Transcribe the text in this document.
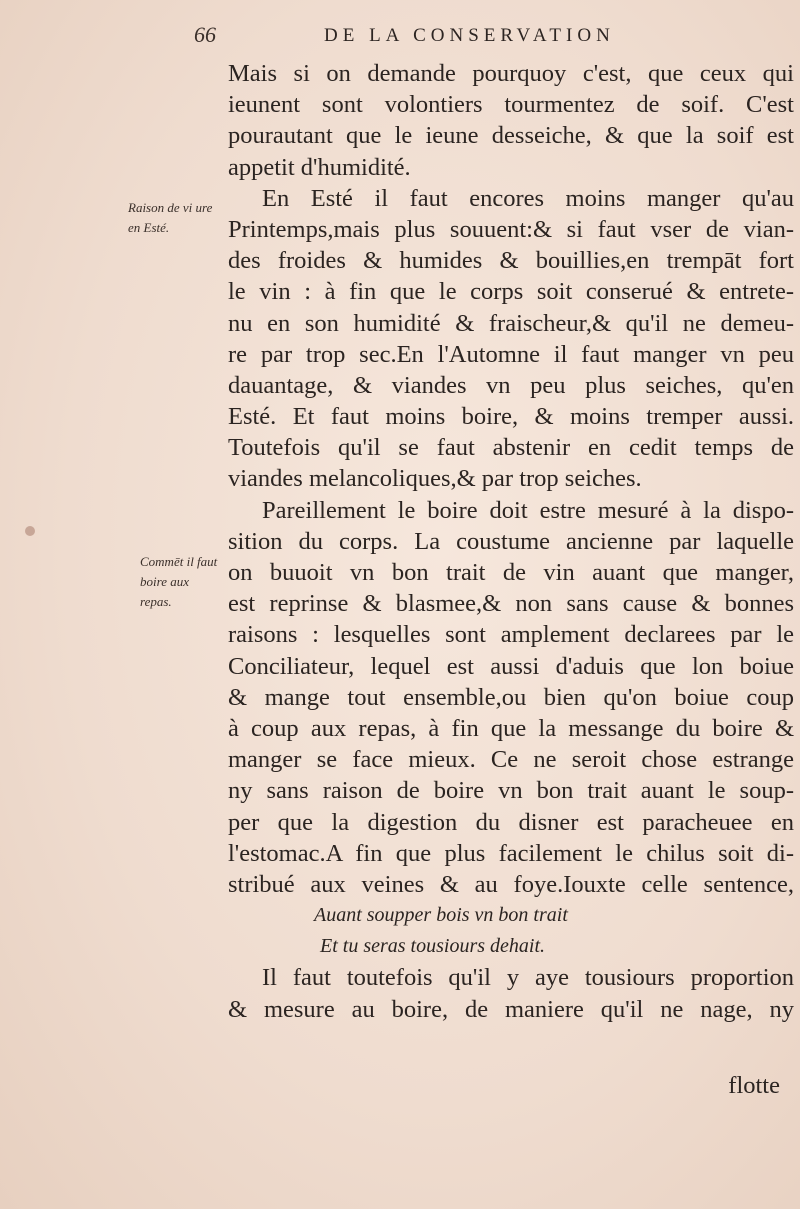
66	DE LA CONSERVATION
Raison de vi ure en Esté.
Commēt il faut boire aux repas.
Mais si on demande pourquoy c'est, que ceux qui
ieunent sont volontiers tourmentez de soif. C'est
pourautant que le ieune desseiche, & que la soif est
appetit d'humidité.
En Esté il faut encores moins manger qu'au
Printemps,mais plus souuent:& si faut vser de vian-
des froides & humides & bouillies,en trempāt fort
le vin : à fin que le corps soit conserué & entrete-
nu en son humidité & fraischeur,& qu'il ne demeu-
re par trop sec.En l'Automne il faut manger vn peu
dauantage, & viandes vn peu plus seiches, qu'en
Esté. Et faut moins boire, & moins tremper aussi.
Toutefois qu'il se faut abstenir en cedit temps de
viandes melancoliques,& par trop seiches.
Pareillement le boire doit estre mesuré à la dispo-
sition du corps. La coustume ancienne par laquelle
on buuoit vn bon trait de vin auant que manger,
est reprinse & blasmee,& non sans cause & bonnes
raisons : lesquelles sont amplement declarees par le
Conciliateur, lequel est aussi d'aduis que lon boiue
& mange tout ensemble,ou bien qu'on boiue coup
à coup aux repas, à fin que la messange du boire &
manger se face mieux. Ce ne seroit chose estrange
ny sans raison de boire vn bon trait auant le soup-
per que la digestion du disner est paracheuee en
l'estomac.A fin que plus facilement le chilus soit di-
stribué aux veines & au foye.Iouxte celle sentence,
Auant soupper bois vn bon trait
Et tu seras tousiours dehait.
Il faut toutefois qu'il y aye tousiours proportion
& mesure au boire, de maniere qu'il ne nage, ny
flotte
